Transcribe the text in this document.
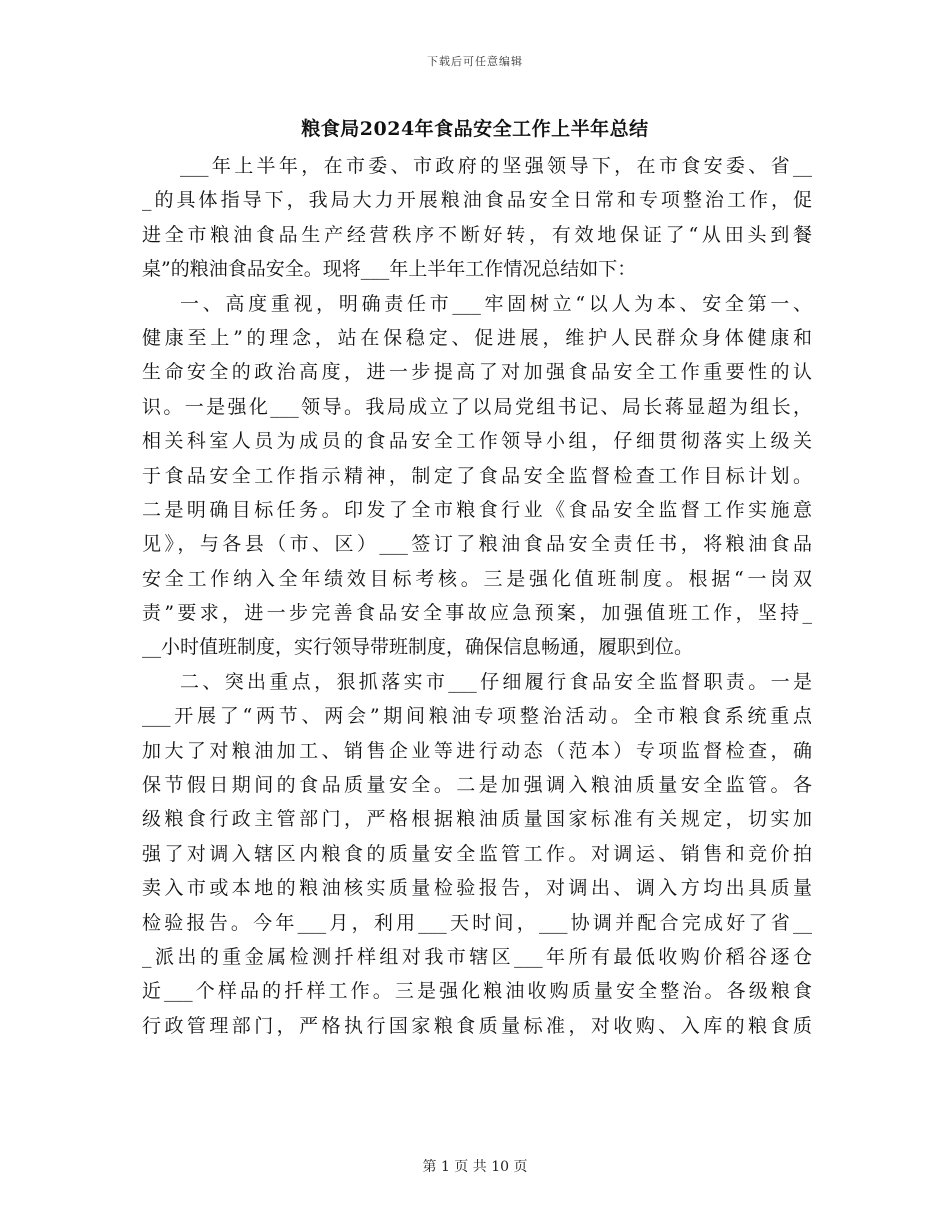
下载后可任意编辑
粮食局2024年食品安全工作上半年总结
___年上半年，在市委、市政府的坚强领导下，在市食安委、省__
_的具体指导下，我局大力开展粮油食品安全日常和专项整治工作，促
进全市粮油食品生产经营秩序不断好转，有效地保证了“从田头到餐
桌”的粮油食品安全。现将___年上半年工作情况总结如下：
一、高度重视，明确责任市___牢固树立“以人为本、安全第一、
健康至上”的理念，站在保稳定、促进展，维护人民群众身体健康和
生命安全的政治高度，进一步提高了对加强食品安全工作重要性的认
识。一是强化___领导。我局成立了以局党组书记、局长蒋显超为组长，
相关科室人员为成员的食品安全工作领导小组，仔细贯彻落实上级关
于食品安全工作指示精神，制定了食品安全监督检查工作目标计划。
二是明确目标任务。印发了全市粮食行业《食品安全监督工作实施意
见》，与各县（市、区）___签订了粮油食品安全责任书，将粮油食品
安全工作纳入全年绩效目标考核。三是强化值班制度。根据“一岗双
责”要求，进一步完善食品安全事故应急预案，加强值班工作，坚持_
__小时值班制度，实行领导带班制度，确保信息畅通，履职到位。
二、突出重点，狠抓落实市___仔细履行食品安全监督职责。一是
___开展了“两节、两会”期间粮油专项整治活动。全市粮食系统重点
加大了对粮油加工、销售企业等进行动态（范本）专项监督检查，确
保节假日期间的食品质量安全。二是加强调入粮油质量安全监管。各
级粮食行政主管部门，严格根据粮油质量国家标准有关规定，切实加
强了对调入辖区内粮食的质量安全监管工作。对调运、销售和竞价拍
卖入市或本地的粮油核实质量检验报告，对调出、调入方均出具质量
检验报告。今年___月，利用___天时间，___协调并配合完成好了省__
_派出的重金属检测扦样组对我市辖区___年所有最低收购价稻谷逐仓
近___个样品的扦样工作。三是强化粮油收购质量安全整治。各级粮食
行政管理部门，严格执行国家粮食质量标准，对收购、入库的粮食质
第 1 页 共 10 页
